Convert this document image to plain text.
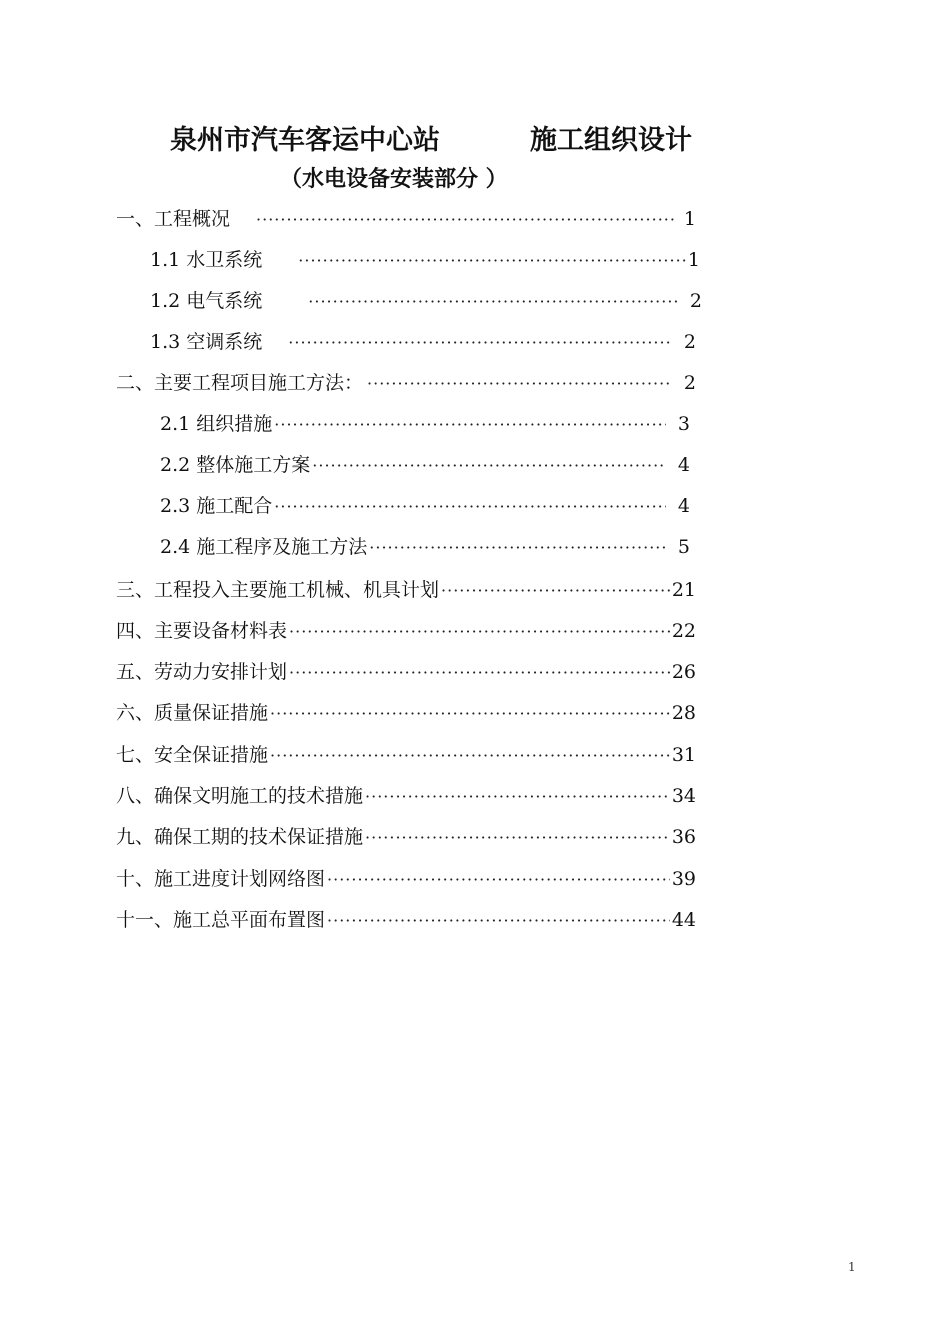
泉州市汽车客运中心站	施工组织设计
（水电设备安装部分 ）
一、工程概况 ·····	1
1.1 水卫系统 ·····	1
1.2 电气系统 ·····	2
1.3 空调系统 ·····	2
二、主要工程项目施工方法： ·····	2
2.1 组织措施 ·····	3
2.2 整体施工方案 ·····	4
2.3 施工配合 ·····	4
2.4 施工程序及施工方法 ·····	5
三、工程投入主要施工机械、机具计划 ·····	21
四、主要设备材料表 ·····	22
五、劳动力安排计划 ·····	26
六、质量保证措施 ·····	28
七、安全保证措施 ·····	31
八、确保文明施工的技术措施 ·····	34
九、确保工期的技术保证措施 ·····	36
十、施工进度计划网络图 ·····	39
十一、施工总平面布置图 ·····	44
1
